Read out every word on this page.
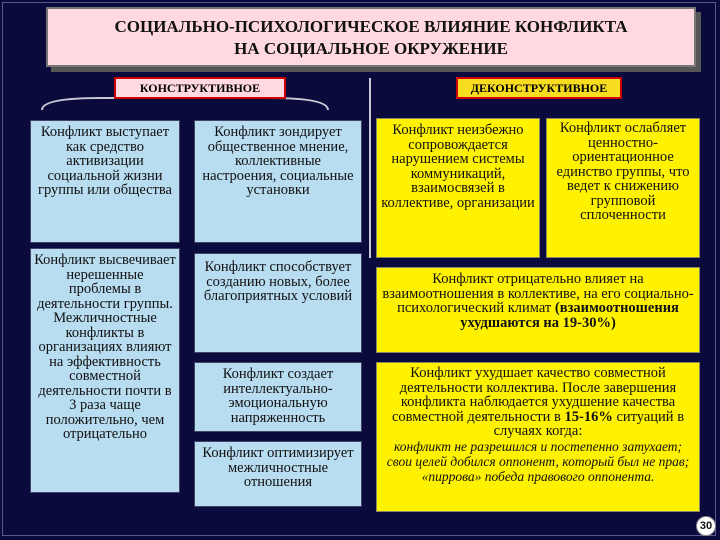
СОЦИАЛЬНО-ПСИХОЛОГИЧЕСКОЕ ВЛИЯНИЕ КОНФЛИКТА
НА СОЦИАЛЬНОЕ ОКРУЖЕНИЕ
КОНСТРУКТИВНОЕ	ДЕКОНСТРУКТИВНОЕ
Конфликт выступает как средство активизации социальной жизни группы или общества
Конфликт высвечивает нерешенные проблемы в деятельности группы. Межличностные конфликты в организациях влияют на эффективность совместной деятельности почти в 3 раза чаще положительно, чем отрицательно
Конфликт зондирует общественное мнение, коллективные настроения, социальные установки
Конфликт способствует созданию новых, более благоприятных условий
Конфликт создает интеллектуально-эмоциональную напряженность
Конфликт оптимизирует межличностные отношения
Конфликт неизбежно сопровождается нарушением системы коммуникаций, взаимосвязей в коллективе, организации
Конфликт ослабляет ценностно-ориентационное единство группы, что ведет к снижению групповой сплоченности
Конфликт отрицательно влияет на взаимоотношения в коллективе, на его социально-психологический климат (взаимоотношения ухудшаются на 19-30%)
Конфликт ухудшает качество совместной деятельности коллектива. После завершения конфликта наблюдается ухудшение качества совместной деятельности в 15-16% ситуаций в случаях когда:
конфликт не разрешился и постепенно затухает; свои целей добился оппонент, который был не прав; «пиррова» победа правового оппонента.
30
